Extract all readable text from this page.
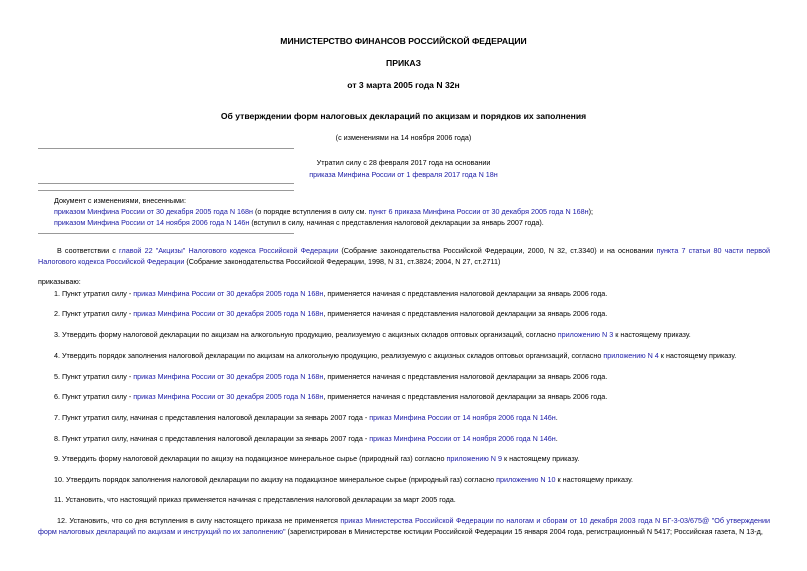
МИНИСТЕРСТВО ФИНАНСОВ РОССИЙСКОЙ ФЕДЕРАЦИИ
ПРИКАЗ
от 3 марта 2005 года N 32н
Об утверждении форм налоговых деклараций по акцизам и порядков их заполнения
(с изменениями на 14 ноября 2006 года)
Утратил силу с 28 февраля 2017 года на основании
приказа Минфина России от 1 февраля 2017 года N 18н
Документ с изменениями, внесенными:
приказом Минфина России от 30 декабря 2005 года N 168н (о порядке вступления в силу см. пункт 6 приказа Минфина России от 30 декабря 2005 года N 168н);
приказом Минфина России от 14 ноября 2006 года N 146н (вступил в силу, начиная с представления налоговой декларации за январь 2007 года).
В соответствии с главой 22 "Акцизы" Налогового кодекса Российской Федерации (Собрание законодательства Российской Федерации, 2000, N 32, ст.3340) и на основании пункта 7 статьи 80 части первой Налогового кодекса Российской Федерации (Собрание законодательства Российской Федерации, 1998, N 31, ст.3824; 2004, N 27, ст.2711)
приказываю:
1. Пункт утратил силу - приказ Минфина России от 30 декабря 2005 года N 168н, применяется начиная с представления налоговой декларации за январь 2006 года.
2. Пункт утратил силу - приказ Минфина России от 30 декабря 2005 года N 168н, применяется начиная с представления налоговой декларации за январь 2006 года.
3. Утвердить форму налоговой декларации по акцизам на алкогольную продукцию, реализуемую с акцизных складов оптовых организаций, согласно приложению N 3 к настоящему приказу.
4. Утвердить порядок заполнения налоговой декларации по акцизам на алкогольную продукцию, реализуемую с акцизных складов оптовых организаций, согласно приложению N 4 к настоящему приказу.
5. Пункт утратил силу - приказ Минфина России от 30 декабря 2005 года N 168н, применяется начиная с представления налоговой декларации за январь 2006 года.
6. Пункт утратил силу - приказ Минфина России от 30 декабря 2005 года N 168н, применяется начиная с представления налоговой декларации за январь 2006 года.
7. Пункт утратил силу, начиная с представления налоговой декларации за январь 2007 года - приказ Минфина России от 14 ноября 2006 года N 146н.
8. Пункт утратил силу, начиная с представления налоговой декларации за январь 2007 года - приказ Минфина России от 14 ноября 2006 года N 146н.
9. Утвердить форму налоговой декларации по акцизу на подакцизное минеральное сырье (природный газ) согласно приложению N 9 к настоящему приказу.
10. Утвердить порядок заполнения налоговой декларации по акцизу на подакцизное минеральное сырье (природный газ) согласно приложению N 10 к настоящему приказу.
11. Установить, что настоящий приказ применяется начиная с представления налоговой декларации за март 2005 года.
12. Установить, что со дня вступления в силу настоящего приказа не применяется приказ Министерства Российской Федерации по налогам и сборам от 10 декабря 2003 года N БГ-3-03/675@ "Об утверждении форм налоговых деклараций по акцизам и инструкций по их заполнению" (зарегистрирован в Министерстве юстиции Российской Федерации 15 января 2004 года, регистрационный N 5417; Российская газета, N 13-д,
